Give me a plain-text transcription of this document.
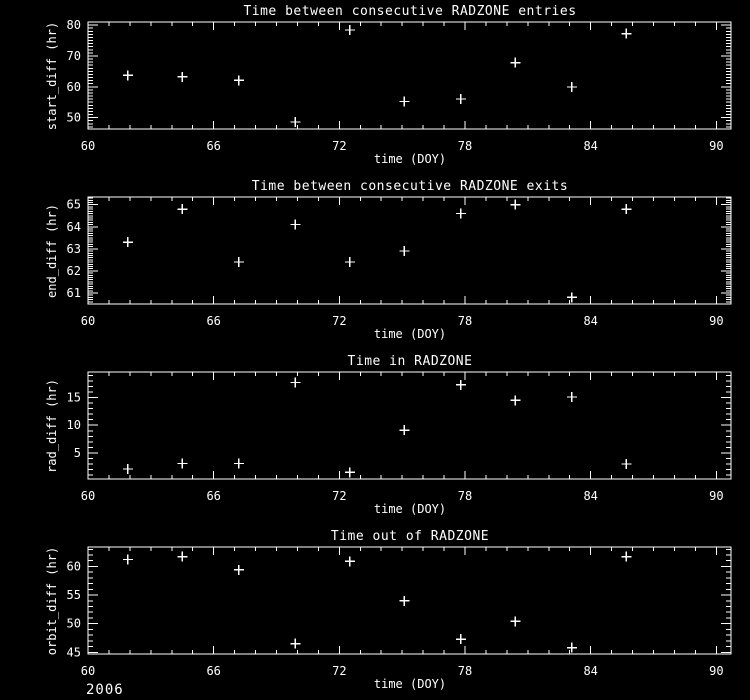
Time between consecutive RADZONE entries
start_diff (hr)
time (DOY)
60	66	72	78	84	90
50
60
70
80
Time between consecutive RADZONE exits
end_diff (hr)
time (DOY)
60	66	72	78	84	90
61
62
63
64
65
Time in RADZONE
rad_diff (hr)
time (DOY)
60	66	72	78	84	90
5
10
15
Time out of RADZONE
orbit_diff (hr)
time (DOY)
60	66	72	78	84	90
45
50
55
60
2006
